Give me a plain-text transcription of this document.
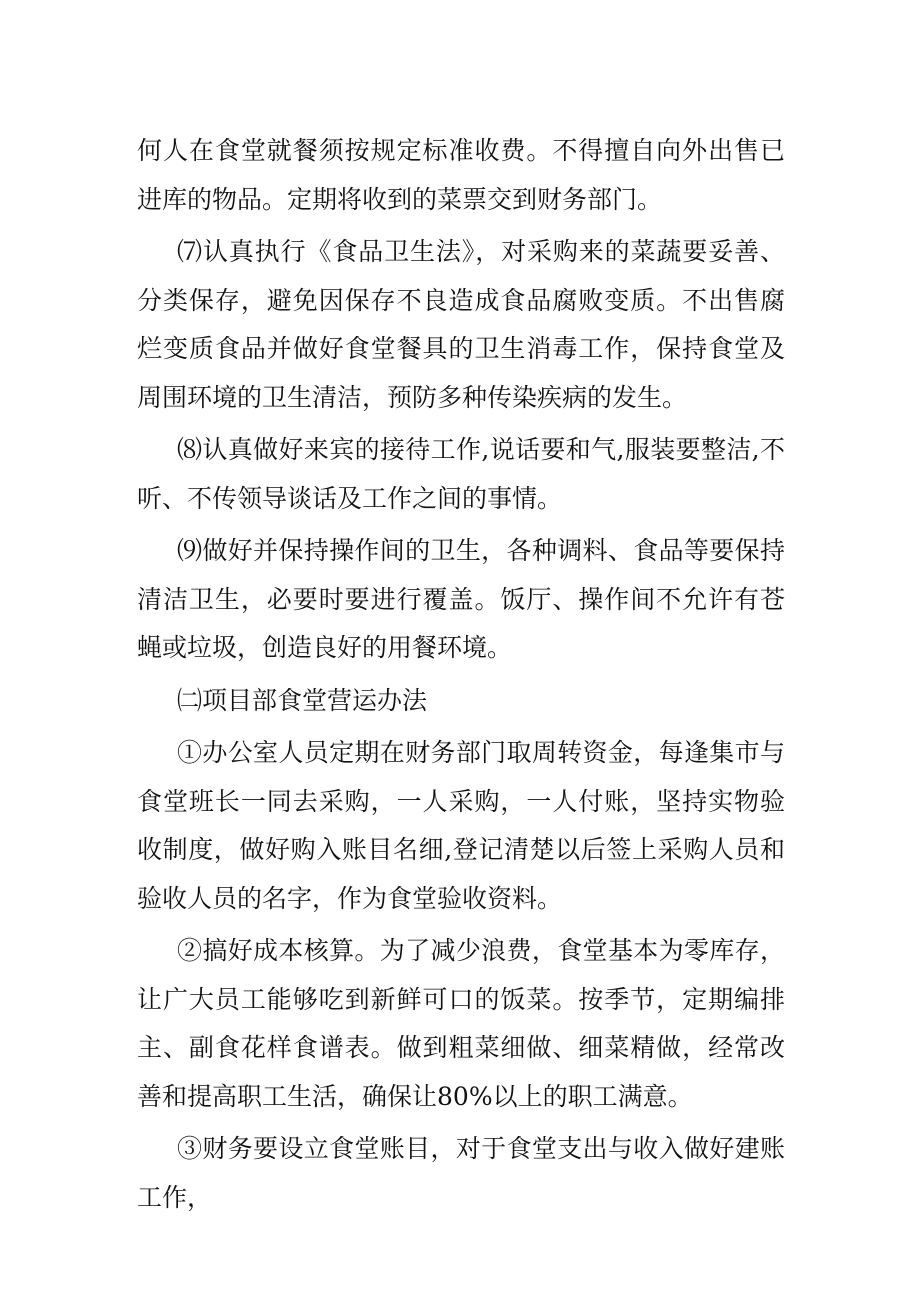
何人在食堂就餐须按规定标准收费。不得擅自向外出售已进库的物品。定期将收到的菜票交到财务部门。

⑺认真执行《食品卫生法》，对采购来的菜蔬要妥善、分类保存，避免因保存不良造成食品腐败变质。不出售腐烂变质食品并做好食堂餐具的卫生消毒工作，保持食堂及周围环境的卫生清洁，预防多种传染疾病的发生。

⑻认真做好来宾的接待工作,说话要和气,服装要整洁,不听、不传领导谈话及工作之间的事情。

⑼做好并保持操作间的卫生，各种调料、食品等要保持清洁卫生，必要时要进行覆盖。饭厅、操作间不允许有苍蝇或垃圾，创造良好的用餐环境。

㈡项目部食堂营运办法

①办公室人员定期在财务部门取周转资金，每逢集市与食堂班长一同去采购，一人采购，一人付账，坚持实物验收制度，做好购入账目名细,登记清楚以后签上采购人员和验收人员的名字，作为食堂验收资料。

②搞好成本核算。为了减少浪费，食堂基本为零库存，让广大员工能够吃到新鲜可口的饭菜。按季节，定期编排主、副食花样食谱表。做到粗菜细做、细菜精做，经常改善和提高职工生活，确保让80%以上的职工满意。

③财务要设立食堂账目，对于食堂支出与收入做好建账工作，
